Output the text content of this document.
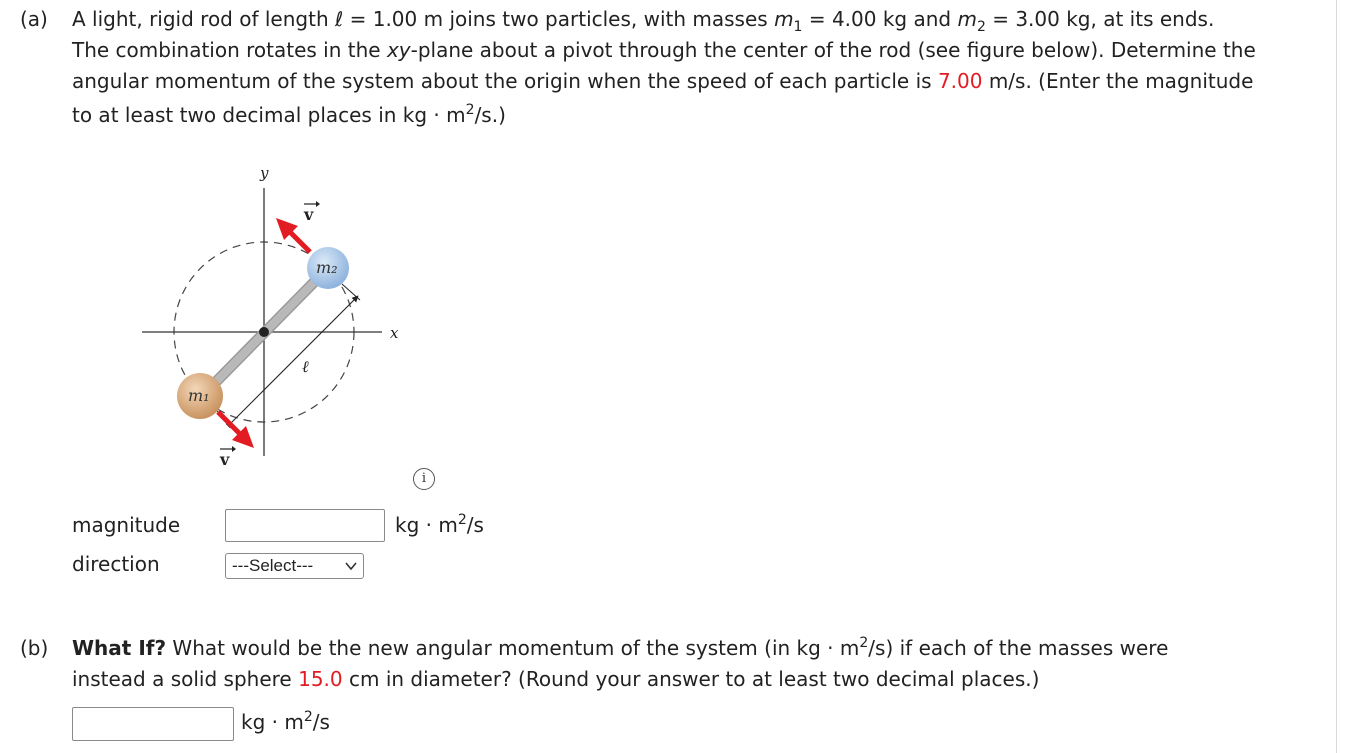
(a) A light, rigid rod of length ℓ = 1.00 m joins two particles, with masses $m_1 = 4.00$ kg and $m_2 = 3.00$ kg, at its ends.
The combination rotates in the xy-plane about a pivot through the center of the rod (see figure below). Determine the
angular momentum of the system about the origin when the speed of each particle is 7.00 m/s. (Enter the magnitude
to at least two decimal places in kg · $m^2/s$.)
y
x
ℓ
m₂
m₁
v
v
i
magnitude	kg · $m^2/s$
direction	---Select---
(b) What If? What would be the new angular momentum of the system (in kg · $m^2/s$) if each of the masses were
instead a solid sphere 15.0 cm in diameter? (Round your answer to at least two decimal places.)
kg · $m^2/s$
